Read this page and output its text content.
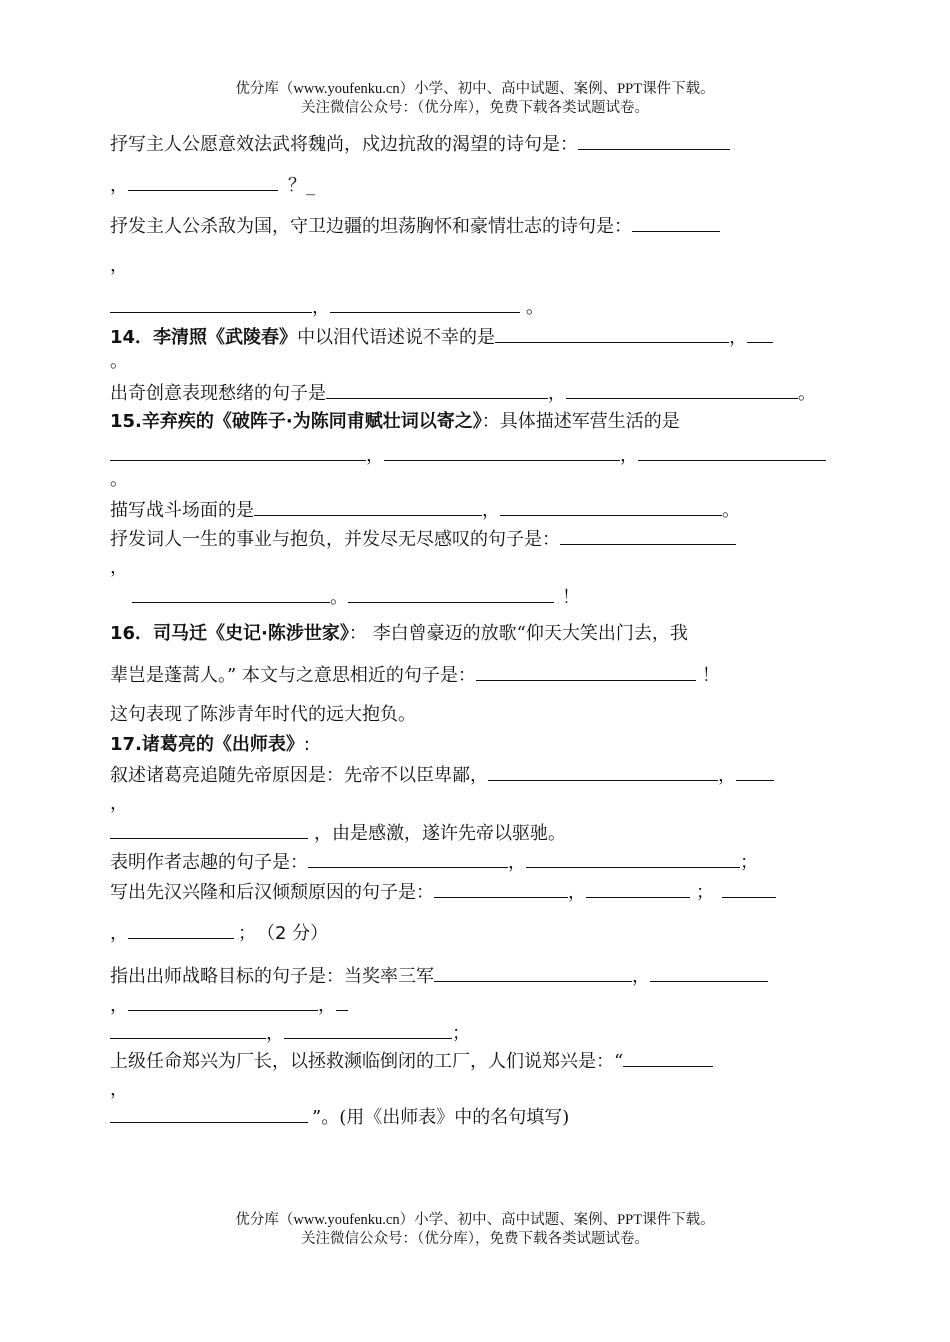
优分库（www.youfenku.cn）小学、初中、高中试题、案例、PPT课件下载。
关注微信公众号：（优分库），免费下载各类试题试卷。
抒写主人公愿意效法武将魏尚，戍边抗敌的渴望的诗句是：
，	？_
抒发主人公杀敌为国，守卫边疆的坦荡胸怀和豪情壮志的诗句是：
，
，	。
14．李清照《武陵春》中以泪代语述说不幸的是	，
。
出奇创意表现愁绪的句子是	，	。
15.辛弃疾的《破阵子·为陈同甫赋壮词以寄之》：具体描述军营生活的是
，	，
。
描写战斗场面的是	，	。
抒发词人一生的事业与抱负，并发尽无尽感叹的句子是：
，
。	！
16．司马迁《史记·陈涉世家》： 李白曾豪迈的放歌“仰天大笑出门去，我
辈岂是蓬蒿人。” 本文与之意思相近的句子是：	！
这句表现了陈涉青年时代的远大抱负。
17.诸葛亮的《出师表》:
叙述诸葛亮追随先帝原因是：先帝不以臣卑鄙，	，
，
，由是感激，遂许先帝以驱驰。
表明作者志趣的句子是：	，	；
写出先汉兴隆和后汉倾颓原因的句子是：	，	；
，	； （2 分）
指出出师战略目标的句子是：当奖率三军	，
，	，
，	；
上级任命郑兴为厂长，以拯救濒临倒闭的工厂，人们说郑兴是：“
，
”。(用《出师表》中的名句填写)
优分库（www.youfenku.cn）小学、初中、高中试题、案例、PPT课件下载。
关注微信公众号：（优分库），免费下载各类试题试卷。
